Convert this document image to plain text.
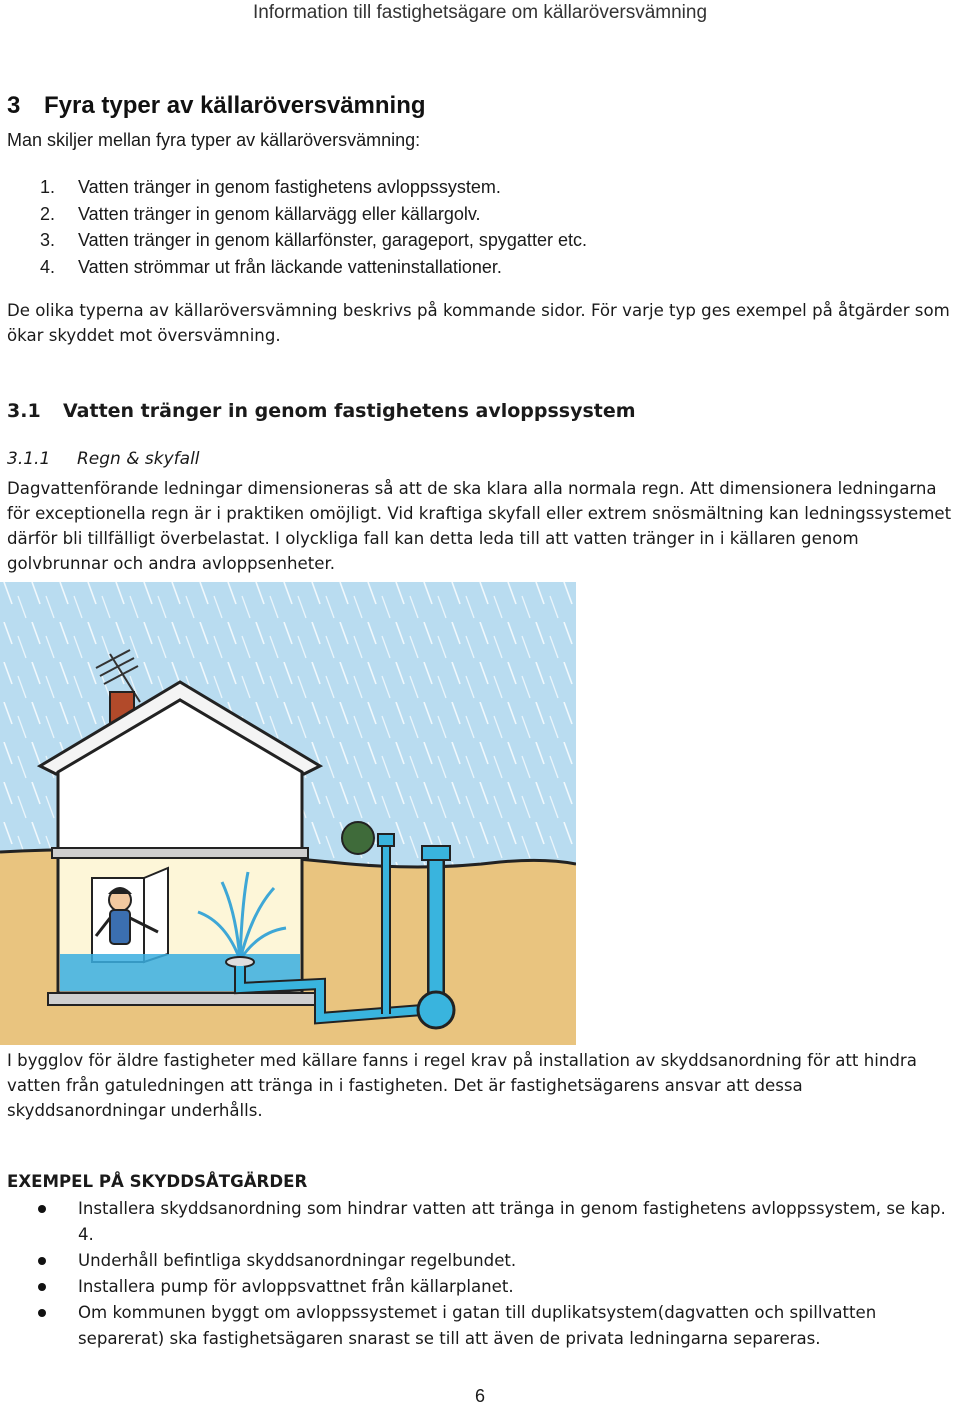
Information till fastighetsägare om källaröversvämning
3 Fyra typer av källaröversvämning
Man skiljer mellan fyra typer av källaröversvämning:
1. Vatten tränger in genom fastighetens avloppssystem.
2. Vatten tränger in genom källarvägg eller källargolv.
3. Vatten tränger in genom källarfönster, garageport, spygatter etc.
4. Vatten strömmar ut från läckande vatteninstallationer.
De olika typerna av källaröversvämning beskrivs på kommande sidor. För varje typ ges exempel på åtgärder som ökar skyddet mot översvämning.
3.1 Vatten tränger in genom fastighetens avloppssystem
3.1.1 Regn & skyfall
Dagvattenförande ledningar dimensioneras så att de ska klara alla normala regn. Att dimensionera ledningarna för exceptionella regn är i praktiken omöjligt. Vid kraftiga skyfall eller extrem snösmältning kan ledningssystemet därför bli tillfälligt överbelastat. I olyckliga fall kan detta leda till att vatten tränger in i källaren genom golvbrunnar och andra avloppsenheter.
I bygglov för äldre fastigheter med källare fanns i regel krav på installation av skyddsanordning för att hindra vatten från gatuledningen att tränga in i fastigheten. Det är fastighetsägarens ansvar att dessa skyddsanordningar underhålls.
EXEMPEL PÅ SKYDDSÅTGÄRDER
Installera skyddsanordning som hindrar vatten att tränga in genom fastighetens avloppssystem, se kap. 4.
Underhåll befintliga skyddsanordningar regelbundet.
Installera pump för avloppsvattnet från källarplanet.
Om kommunen byggt om avloppssystemet i gatan till duplikatsystem(dagvatten och spillvatten separerat) ska fastighetsägaren snarast se till att även de privata ledningarna separeras.
6
